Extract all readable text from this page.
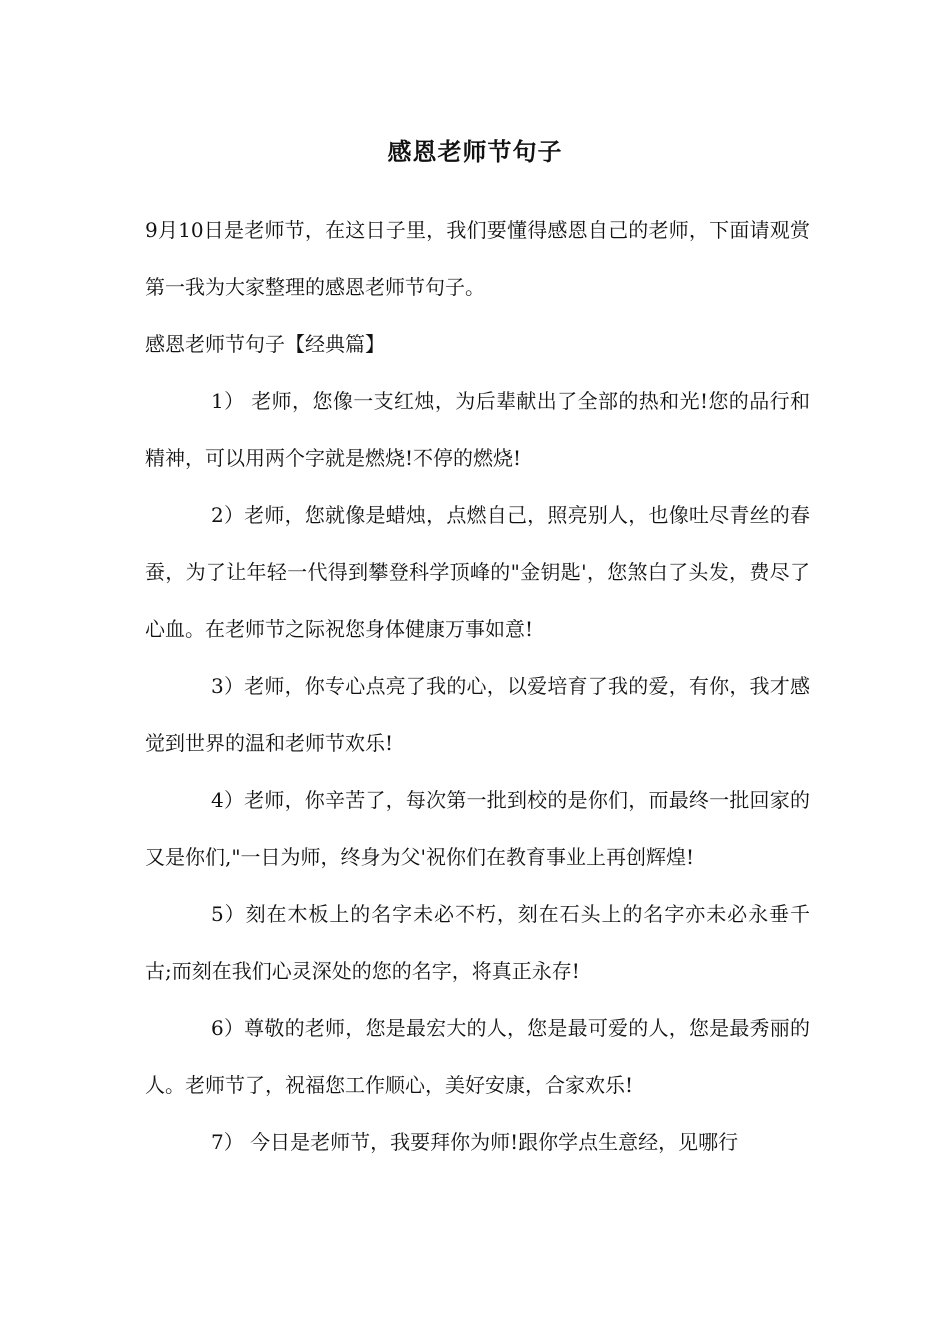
感恩老师节句子

9月10日是老师节，在这日子里，我们要懂得感恩自己的老师，下面请观赏第一我为大家整理的感恩老师节句子。

感恩老师节句子【经典篇】

1） 老师，您像一支红烛，为后辈献出了全部的热和光!您的品行和精神，可以用两个字就是燃烧!不停的燃烧!

2）老师，您就像是蜡烛，点燃自己，照亮别人，也像吐尽青丝的春蚕，为了让年轻一代得到攀登科学顶峰的"金钥匙'，您煞白了头发，费尽了心血。在老师节之际祝您身体健康万事如意!

3）老师，你专心点亮了我的心，以爱培育了我的爱，有你，我才感觉到世界的温和老师节欢乐!

4）老师，你辛苦了，每次第一批到校的是你们，而最终一批回家的又是你们,"一日为师，终身为父'祝你们在教育事业上再创辉煌!

5）刻在木板上的名字未必不朽，刻在石头上的名字亦未必永垂千古;而刻在我们心灵深处的您的名字，将真正永存!

6）尊敬的老师，您是最宏大的人，您是最可爱的人，您是最秀丽的人。老师节了，祝福您工作顺心，美好安康，合家欢乐!

7） 今日是老师节，我要拜你为师!跟你学点生意经，见哪行
